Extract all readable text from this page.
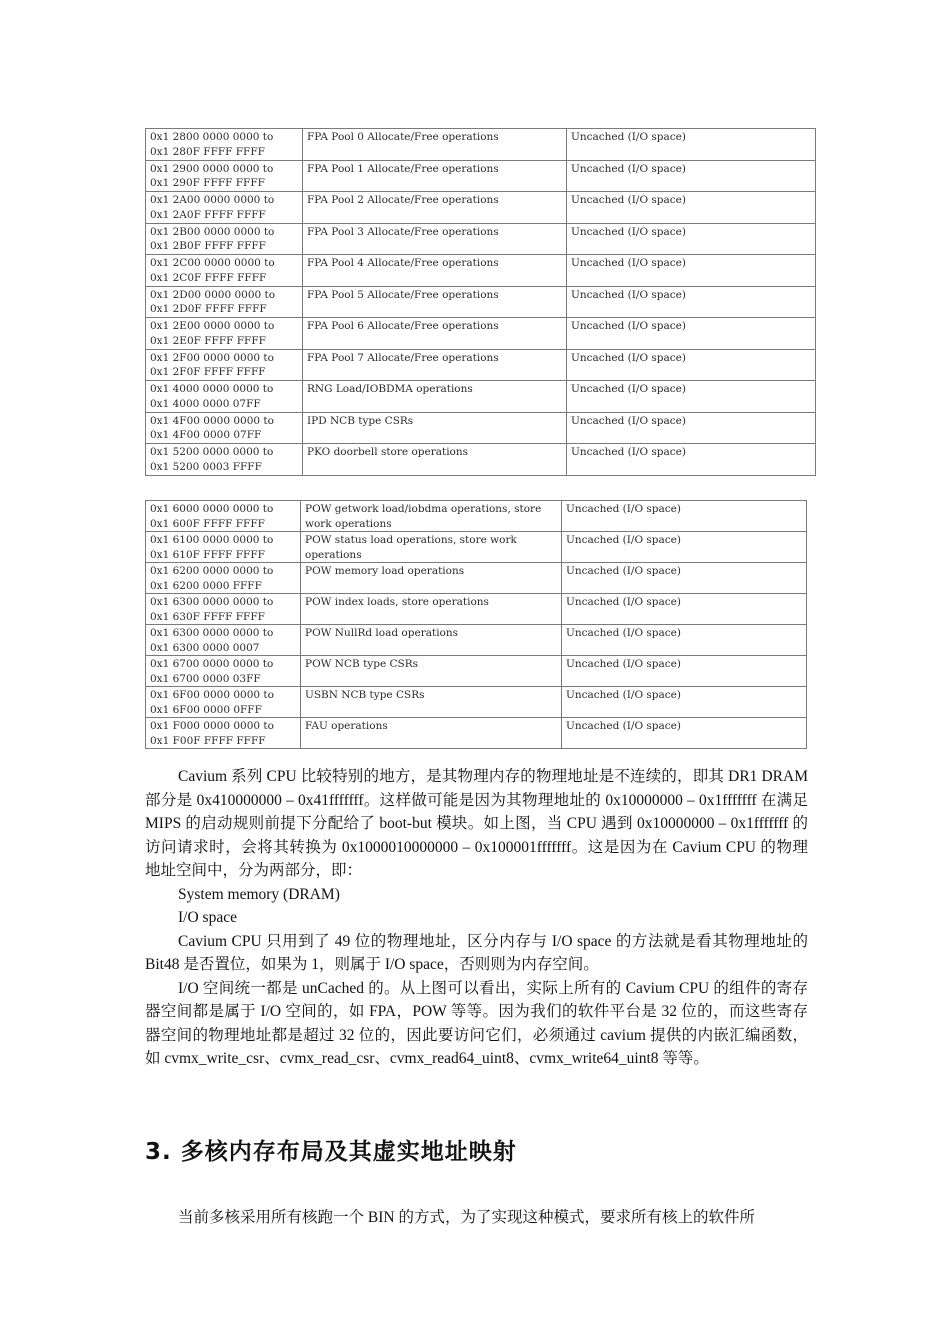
0x1 2800 0000 0000 to
0x1 280F FFFF FFFF	FPA Pool 0 Allocate/Free operations	Uncached (I/O space)

0x1 2900 0000 0000 to
0x1 290F FFFF FFFF	FPA Pool 1 Allocate/Free operations	Uncached (I/O space)

0x1 2A00 0000 0000 to
0x1 2A0F FFFF FFFF	FPA Pool 2 Allocate/Free operations	Uncached (I/O space)

0x1 2B00 0000 0000 to
0x1 2B0F FFFF FFFF	FPA Pool 3 Allocate/Free operations	Uncached (I/O space)

0x1 2C00 0000 0000 to
0x1 2C0F FFFF FFFF	FPA Pool 4 Allocate/Free operations	Uncached (I/O space)

0x1 2D00 0000 0000 to
0x1 2D0F FFFF FFFF	FPA Pool 5 Allocate/Free operations	Uncached (I/O space)

0x1 2E00 0000 0000 to
0x1 2E0F FFFF FFFF	FPA Pool 6 Allocate/Free operations	Uncached (I/O space)

0x1 2F00 0000 0000 to
0x1 2F0F FFFF FFFF	FPA Pool 7 Allocate/Free operations	Uncached (I/O space)

0x1 4000 0000 0000 to
0x1 4000 0000 07FF	RNG Load/IOBDMA operations	Uncached (I/O space)

0x1 4F00 0000 0000 to
0x1 4F00 0000 07FF	IPD NCB type CSRs	Uncached (I/O space)

0x1 5200 0000 0000 to
0x1 5200 0003 FFFF	PKO doorbell store operations	Uncached (I/O space)
0x1 6000 0000 0000 to
0x1 600F FFFF FFFF	POW getwork load/iobdma operations, store
work operations	Uncached (I/O space)

0x1 6100 0000 0000 to
0x1 610F FFFF FFFF	POW status load operations, store work
operations	Uncached (I/O space)

0x1 6200 0000 0000 to
0x1 6200 0000 FFFF	POW memory load operations	Uncached (I/O space)

0x1 6300 0000 0000 to
0x1 630F FFFF FFFF	POW index loads, store operations	Uncached (I/O space)

0x1 6300 0000 0000 to
0x1 6300 0000 0007	POW NullRd load operations	Uncached (I/O space)

0x1 6700 0000 0000 to
0x1 6700 0000 03FF	POW NCB type CSRs	Uncached (I/O space)

0x1 6F00 0000 0000 to
0x1 6F00 0000 0FFF	USBN NCB type CSRs	Uncached (I/O space)

0x1 F000 0000 0000 to
0x1 F00F FFFF FFFF	FAU operations	Uncached (I/O space)

Cavium 系列 CPU 比较特别的地方，是其物理内存的物理地址是不连续的，即其 DR1 DRAM 部分是 0x410000000 – 0x41fffffff。这样做可能是因为其物理地址的 0x10000000 – 0x1fffffff 在满足 MIPS 的启动规则前提下分配给了 boot-but 模块。如上图，当 CPU 遇到 0x10000000 – 0x1fffffff 的访问请求时，会将其转换为 0x1000010000000 – 0x100001fffffff。这是因为在 Cavium CPU 的物理地址空间中，分为两部分，即：

System memory (DRAM)

I/O space

Cavium CPU 只用到了 49 位的物理地址，区分内存与 I/O space 的方法就是看其物理地址的 Bit48 是否置位，如果为 1，则属于 I/O space，否则则为内存空间。

I/O 空间统一都是 unCached 的。从上图可以看出，实际上所有的 Cavium CPU 的组件的寄存器空间都是属于 I/O 空间的，如 FPA，POW 等等。因为我们的软件平台是 32 位的，而这些寄存器空间的物理地址都是超过 32 位的，因此要访问它们，必须通过 cavium 提供的内嵌汇编函数，如 cvmx_write_csr、cvmx_read_csr、cvmx_read64_uint8、cvmx_write64_uint8 等等。

3. 多核内存布局及其虚实地址映射

当前多核采用所有核跑一个 BIN 的方式，为了实现这种模式，要求所有核上的软件所
